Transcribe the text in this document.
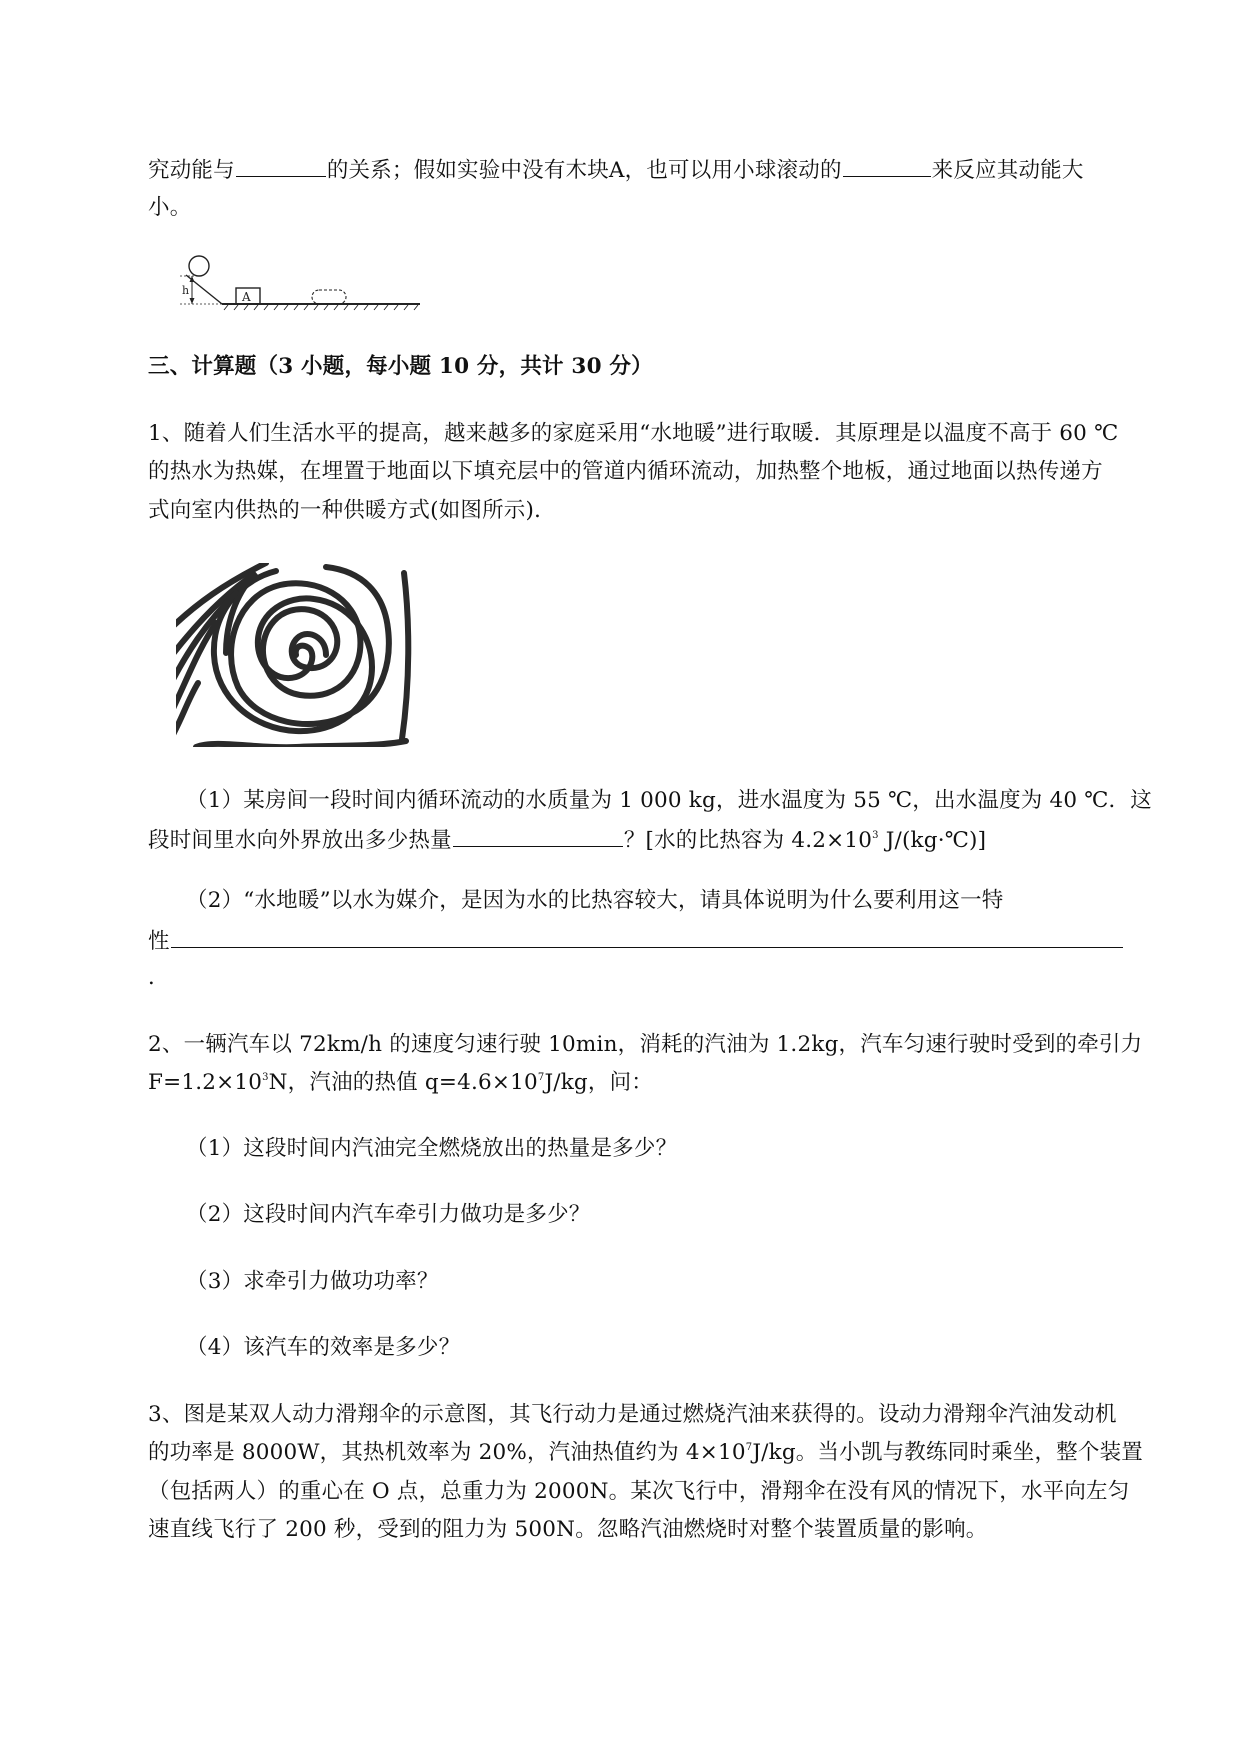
究动能与	的关系；假如实验中没有木块A，也可以用小球滚动的	来反应其动能大
小。
h	A
三、计算题（3 小题，每小题 10 分，共计 30 分）
1、随着人们生活水平的提高，越来越多的家庭采用“水地暖”进行取暖．其原理是以温度不高于 60 ℃
的热水为热媒，在埋置于地面以下填充层中的管道内循环流动，加热整个地板，通过地面以热传递方
式向室内供热的一种供暖方式(如图所示)．
（1）某房间一段时间内循环流动的水质量为 1 000 kg，进水温度为 55 ℃，出水温度为 40 ℃．这
段时间里水向外界放出多少热量	？[水的比热容为 $4.2\times 10^3$ J/(kg·℃)]
（2）“水地暖”以水为媒介，是因为水的比热容较大，请具体说明为什么要利用这一特
性
．
2、一辆汽车以 72km/h 的速度匀速行驶 10min，消耗的汽油为 1.2kg，汽车匀速行驶时受到的牵引力
$F=1.2\times 10^3N$，汽油的热值 $q=4.6\times 10^7J/kg$，问：
（1）这段时间内汽油完全燃烧放出的热量是多少？
（2）这段时间内汽车牵引力做功是多少？
（3）求牵引力做功功率？
（4）该汽车的效率是多少？
3、图是某双人动力滑翔伞的示意图，其飞行动力是通过燃烧汽油来获得的。设动力滑翔伞汽油发动机
的功率是 8000W，其热机效率为 20%，汽油热值约为 $4\times 10^7J/kg$。当小凯与教练同时乘坐，整个装置
（包括两人）的重心在 O 点，总重力为 2000N。某次飞行中，滑翔伞在没有风的情况下，水平向左匀
速直线飞行了 200 秒，受到的阻力为 500N。忽略汽油燃烧时对整个装置质量的影响。
